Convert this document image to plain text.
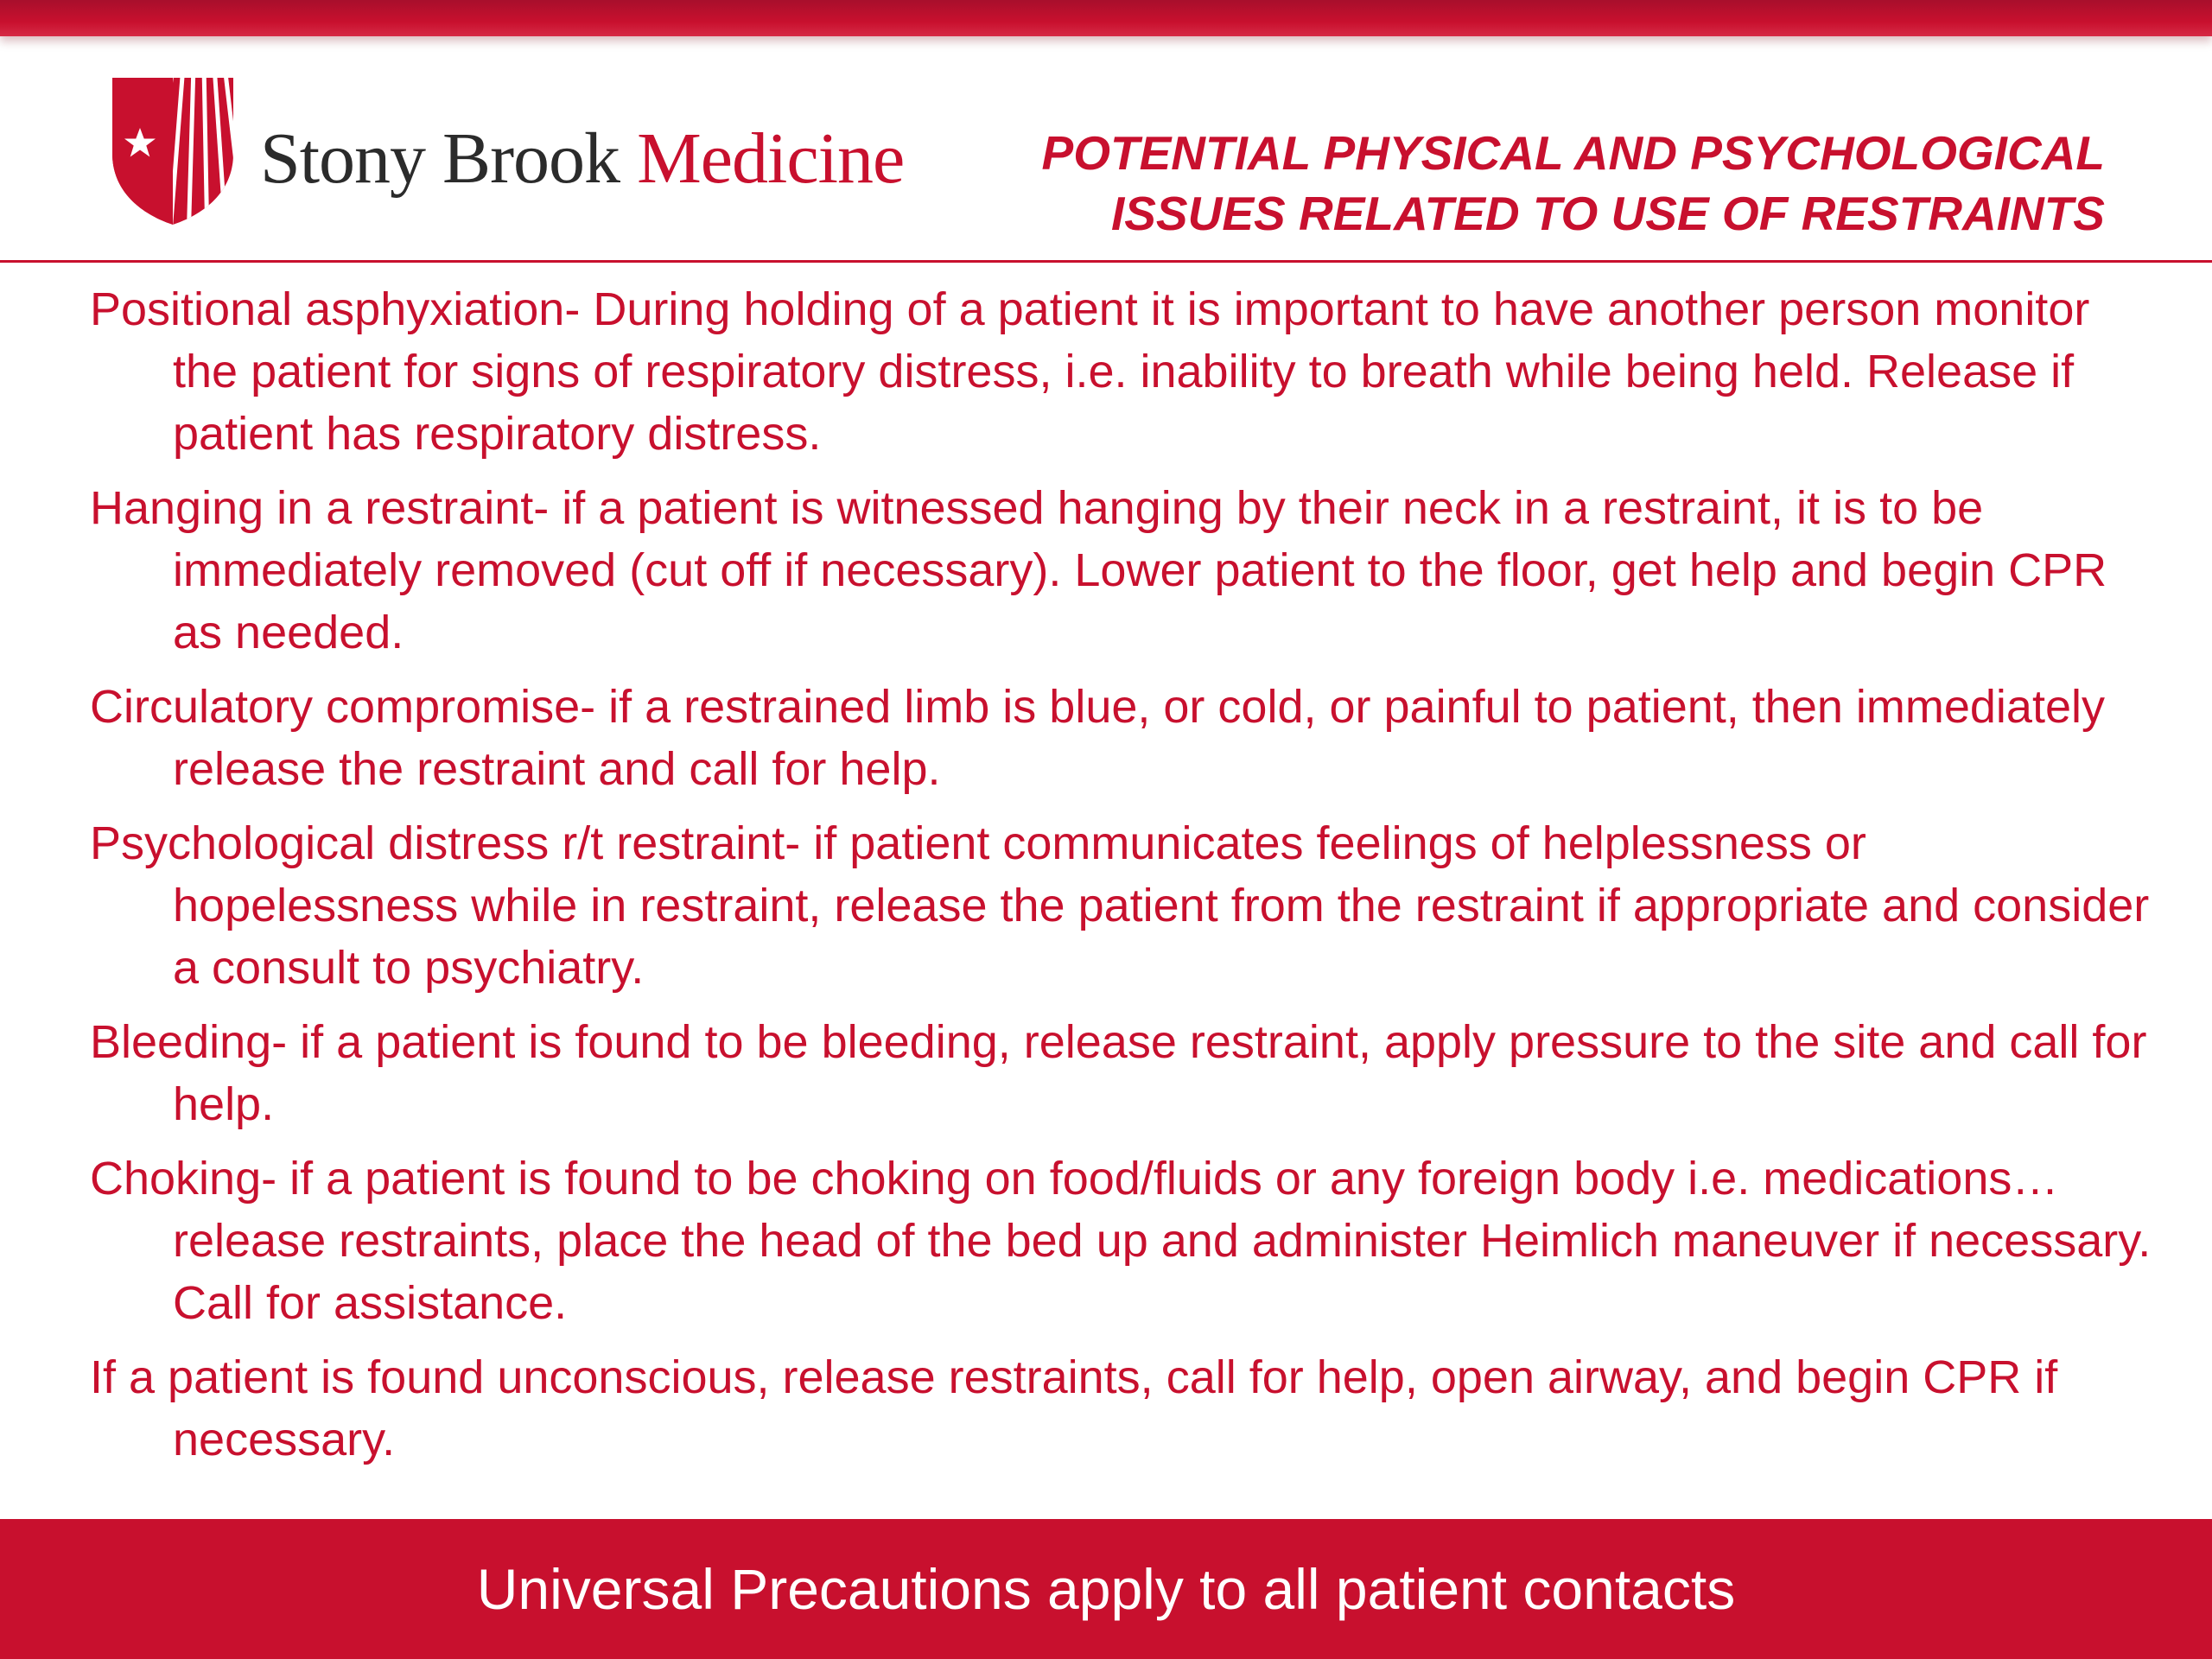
Stony Brook Medicine	POTENTIAL PHYSICAL AND PSYCHOLOGICAL
ISSUES RELATED TO USE OF RESTRAINTS

Positional asphyxiation- During holding of a patient it is important to have another person monitor the patient for signs of respiratory distress, i.e. inability to breath while being held. Release if patient has respiratory distress.

Hanging in a restraint- if a patient is witnessed hanging by their neck in a restraint, it is to be immediately removed (cut off if necessary). Lower patient to the floor, get help and begin CPR as needed.

Circulatory compromise- if a restrained limb is blue, or cold, or painful to patient, then immediately release the restraint and call for help.

Psychological distress r/t restraint- if patient communicates feelings of helplessness or hopelessness while in restraint, release the patient from the restraint if appropriate and consider a consult to psychiatry.

Bleeding- if a patient is found to be bleeding, release restraint, apply pressure to the site and call for help.

Choking- if a patient is found to be choking on food/fluids or any foreign body i.e. medications…release restraints, place the head of the bed up and administer Heimlich maneuver if necessary. Call for assistance.

If a patient is found unconscious, release restraints, call for help, open airway, and begin CPR if necessary.

Universal Precautions apply to all patient contacts
